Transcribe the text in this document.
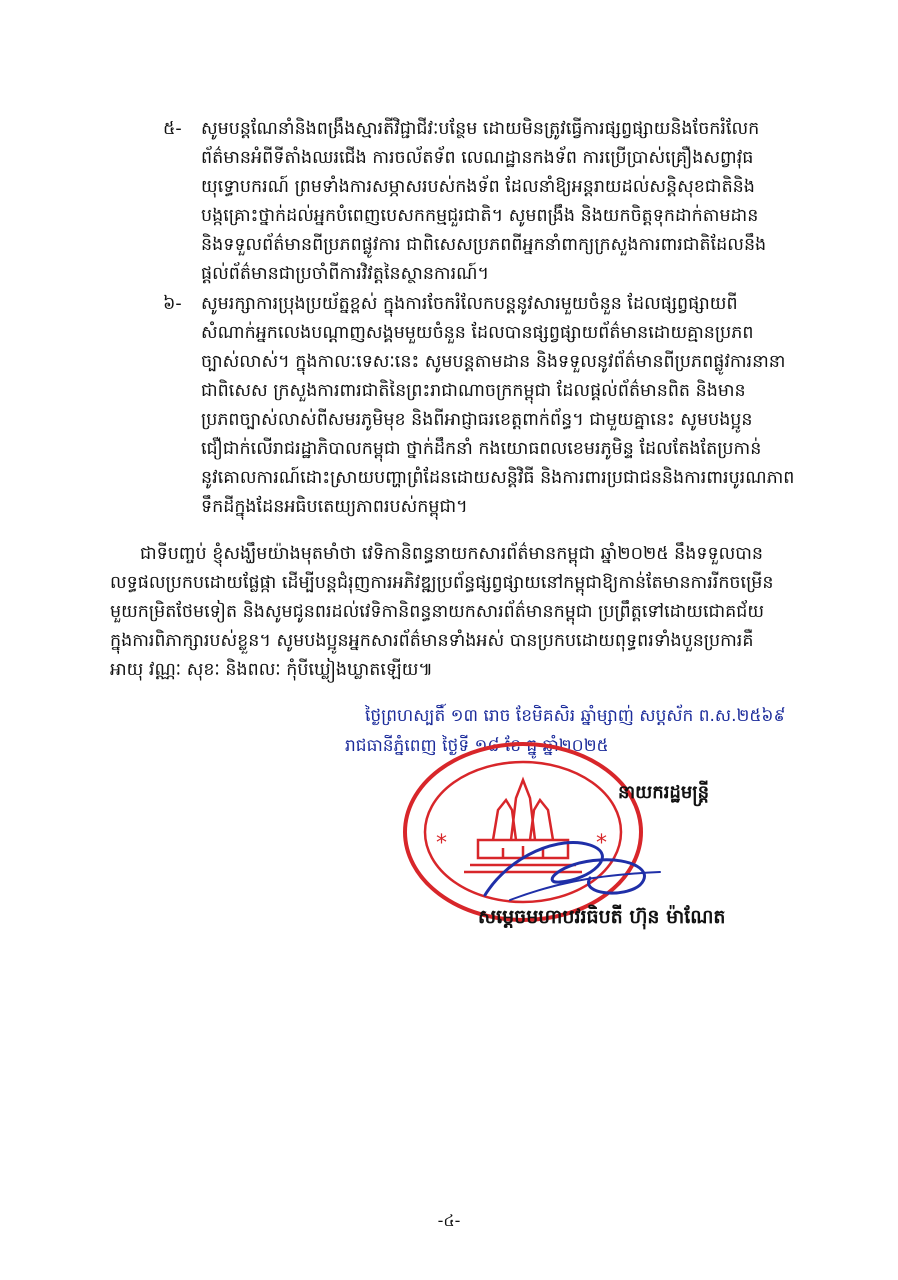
៥- សូមបន្តណែនាំនិងពង្រឹងស្មារតីវិជ្ជាជីវៈបន្ថែម ដោយមិនត្រូវធ្វើការផ្សព្វផ្សាយនិងចែករំលែក
ព័ត៌មានអំពីទីតាំងឈរជើង ការចល័តទ័ព លេណដ្ឋានកងទ័ព ការប្រើប្រាស់គ្រឿងសព្វាវុធ
យុទ្ធោបករណ៍ ព្រមទាំងការសម្ភាសរបស់កងទ័ព ដែលនាំឱ្យអន្តរាយដល់សន្តិសុខជាតិនិង
បង្កគ្រោះថ្នាក់ដល់អ្នកបំពេញបេសកកម្មជួរជាតិ។ សូមពង្រឹង និងយកចិត្តទុកដាក់តាមដាន
និងទទួលព័ត៌មានពីប្រភពផ្លូវការ ជាពិសេសប្រភពពីអ្នកនាំពាក្យក្រសួងការពារជាតិដែលនឹង
ផ្តល់ព័ត៌មានជាប្រចាំពីការវិវត្តនៃស្ថានការណ៍។
៦- សូមរក្សាការប្រុងប្រយ័ត្នខ្ពស់ ក្នុងការចែករំលែកបន្តនូវសារមួយចំនួន ដែលផ្សព្វផ្សាយពី
សំណាក់អ្នកលេងបណ្តាញសង្គមមួយចំនួន ដែលបានផ្សព្វផ្សាយព័ត៌មានដោយគ្មានប្រភព
ច្បាស់លាស់។ ក្នុងកាលៈទេសៈនេះ សូមបន្តតាមដាន និងទទួលនូវព័ត៌មានពីប្រភពផ្លូវការនានា
ជាពិសេស ក្រសួងការពារជាតិនៃព្រះរាជាណាចក្រកម្ពុជា ដែលផ្តល់ព័ត៌មានពិត និងមាន
ប្រភពច្បាស់លាស់ពីសមរភូមិមុខ និងពីអាជ្ញាធរខេត្តពាក់ព័ន្ធ។ ជាមួយគ្នានេះ សូមបងប្អូន
ជឿជាក់លើរាជរដ្ឋាភិបាលកម្ពុជា ថ្នាក់ដឹកនាំ កងយោធពលខេមរភូមិន្ទ ដែលតែងតែប្រកាន់
នូវគោលការណ៍ដោះស្រាយបញ្ហាព្រំដែនដោយសន្តិវិធី និងការពារប្រជាជននិងការពារបូរណភាព
ទឹកដីក្នុងដែនអធិបតេយ្យភាពរបស់កម្ពុជា។
ជាទីបញ្ចប់ ខ្ញុំសង្ឃឹមយ៉ាងមុតមាំថា វេទិកានិពន្ធនាយកសារព័ត៌មានកម្ពុជា ឆ្នាំ២០២៥ នឹងទទួលបាន
លទ្ធផលប្រកបដោយផ្លែផ្កា ដើម្បីបន្តជំរុញការអភិវឌ្ឍប្រព័ន្ធផ្សព្វផ្សាយនៅកម្ពុជាឱ្យកាន់តែមានការរីកចម្រើន
មួយកម្រិតថែមទៀត និងសូមជូនពរដល់វេទិកានិពន្ធនាយកសារព័ត៌មានកម្ពុជា ប្រព្រឹត្តទៅដោយជោគជ័យ
ក្នុងការពិភាក្សារបស់ខ្លួន។ សូមបងប្អូនអ្នកសារព័ត៌មានទាំងអស់ បានប្រកបដោយពុទ្ធពរទាំងបួនប្រការគឺ
អាយុ វណ្ណៈ សុខៈ និងពលៈ កុំបីឃ្លៀងឃ្លាតឡើយ៕
ថ្ងៃព្រហស្បតិ៍ ១៣ រោច ខែមិគសិរ ឆ្នាំម្សាញ់ សប្តស័ក ព.ស.២៥៦៩
រាជធានីភ្នំពេញ ថ្ងៃទី ១៨ ខែ ធ្នូ ឆ្នាំ២០២៥
*	*
នាយករដ្ឋមន្ត្រី
សម្តេចមហាបវរធិបតី ហ៊ុន ម៉ាណែត
-៤-
